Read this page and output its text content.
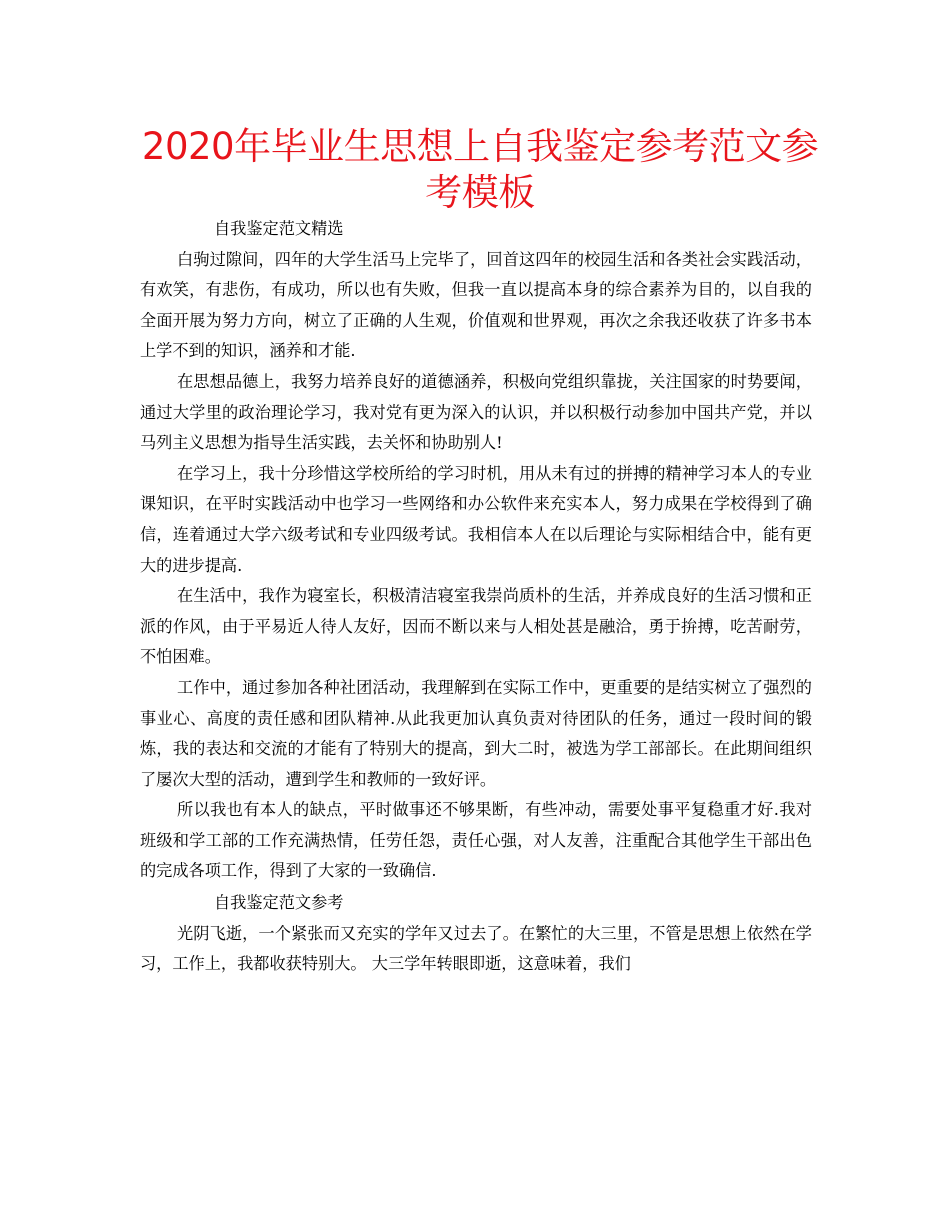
2020年毕业生思想上自我鉴定参考范文参考模板

自我鉴定范文精选

白驹过隙间，四年的大学生活马上完毕了，回首这四年的校园生活和各类社会实践活动，有欢笑，有悲伤，有成功，所以也有失败，但我一直以提高本身的综合素养为目的，以自我的全面开展为努力方向，树立了正确的人生观，价值观和世界观，再次之余我还收获了许多书本上学不到的知识，涵养和才能.

在思想品德上，我努力培养良好的道德涵养，积极向党组织靠拢，关注国家的时势要闻，通过大学里的政治理论学习，我对党有更为深入的认识，并以积极行动参加中国共产党，并以马列主义思想为指导生活实践，去关怀和协助别人!

在学习上，我十分珍惜这学校所给的学习时机，用从未有过的拼搏的精神学习本人的专业课知识，在平时实践活动中也学习一些网络和办公软件来充实本人，努力成果在学校得到了确信，连着通过大学六级考试和专业四级考试。我相信本人在以后理论与实际相结合中，能有更大的进步提高.

在生活中，我作为寝室长，积极清洁寝室我崇尚质朴的生活，并养成良好的生活习惯和正派的作风，由于平易近人待人友好，因而不断以来与人相处甚是融洽，勇于拚搏，吃苦耐劳，不怕困难。

工作中，通过参加各种社团活动，我理解到在实际工作中，更重要的是结实树立了强烈的事业心、高度的责任感和团队精神.从此我更加认真负责对待团队的任务，通过一段时间的锻炼，我的表达和交流的才能有了特别大的提高，到大二时，被选为学工部部长。在此期间组织了屡次大型的活动，遭到学生和教师的一致好评。

所以我也有本人的缺点，平时做事还不够果断，有些冲动，需要处事平复稳重才好.我对班级和学工部的工作充满热情，任劳任怨，责任心强，对人友善，注重配合其他学生干部出色的完成各项工作，得到了大家的一致确信.

自我鉴定范文参考

光阴飞逝，一个紧张而又充实的学年又过去了。在繁忙的大三里，不管是思想上依然在学习，工作上，我都收获特别大。 大三学年转眼即逝，这意味着，我们
